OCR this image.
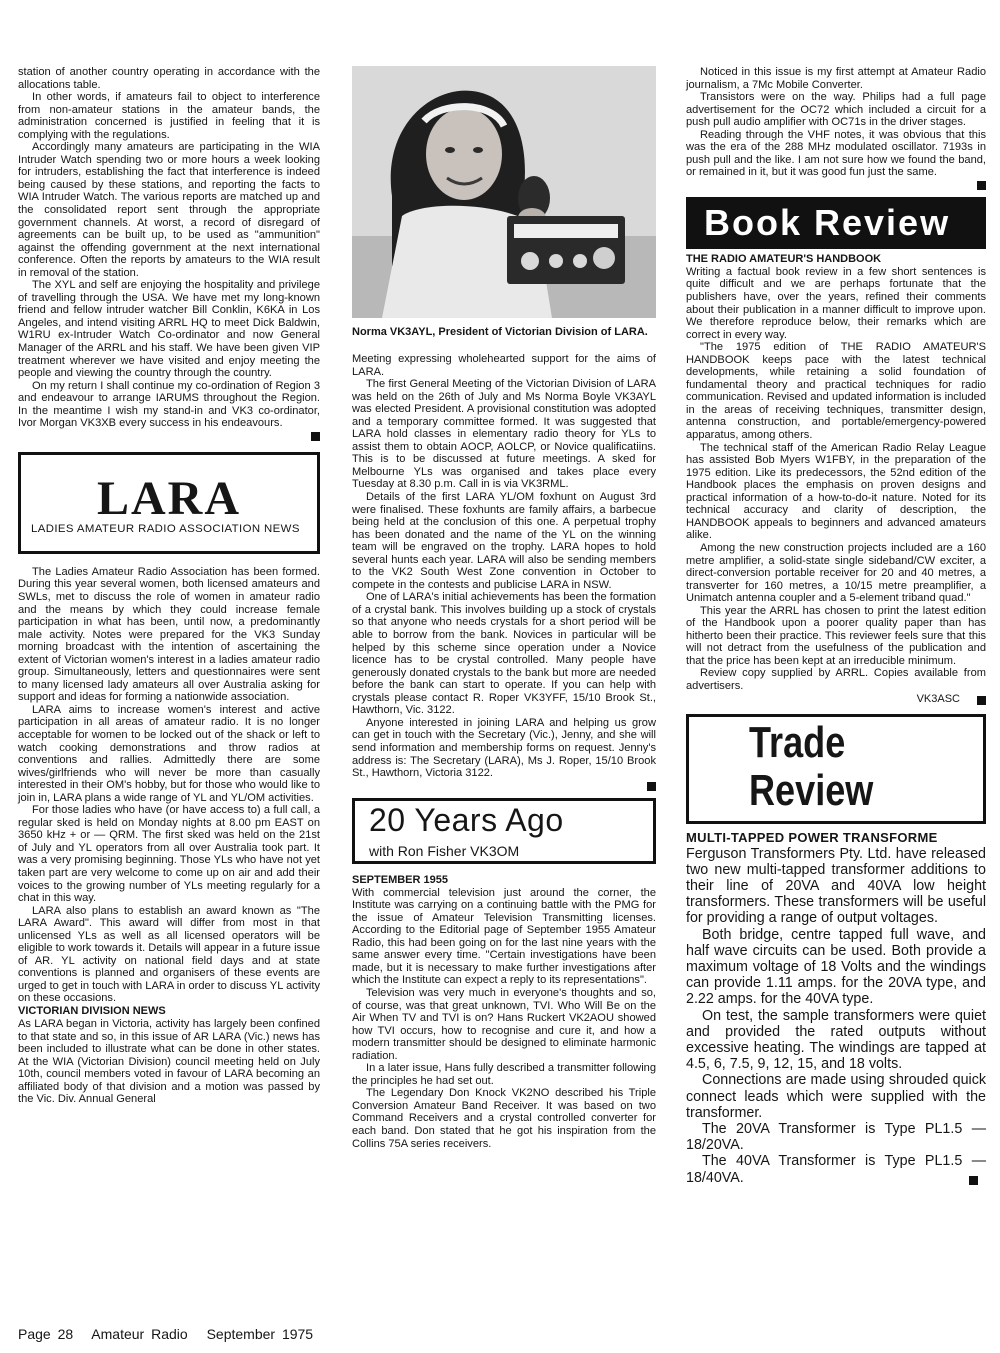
station of another country operating in accordance with the allocations table.

In other words, if amateurs fail to object to interference from non-amateur stations in the amateur bands, the administration concerned is justified in feeling that it is complying with the regulations.

Accordingly many amateurs are participating in the WIA Intruder Watch spending two or more hours a week looking for intruders, establishing the fact that interference is indeed being caused by these stations, and reporting the facts to WIA Intruder Watch. The various reports are matched up and the consolidated report sent through the appropriate government channels. At worst, a record of disregard of agreements can be built up, to be used as "ammunition" against the offending government at the next international conference. Often the reports by amateurs to the WIA result in removal of the station.

The XYL and self are enjoying the hospitality and privilege of travelling through the USA. We have met my long-known friend and fellow intruder watcher Bill Conklin, K6KA in Los Angeles, and intend visiting ARRL HQ to meet Dick Baldwin, W1RU ex-Intruder Watch Co-ordinator and now General Manager of the ARRL and his staff. We have been given VIP treatment wherever we have visited and enjoy meeting the people and viewing the country through the country.

On my return I shall continue my co-ordination of Region 3 and endeavour to arrange IARUMS throughout the Region. In the meantime I wish my stand-in and VK3 co-ordinator, Ivor Morgan VK3XB every success in his endeavours.

LARA
LADIES AMATEUR RADIO ASSOCIATION NEWS

The Ladies Amateur Radio Association has been formed. During this year several women, both licensed amateurs and SWLs, met to discuss the role of women in amateur radio and the means by which they could increase female participation in what has been, until now, a predominantly male activity. Notes were prepared for the VK3 Sunday morning broadcast with the intention of ascertaining the extent of Victorian women's interest in a ladies amateur radio group. Simultaneously, letters and questionnaires were sent to many licensed lady amateurs all over Australia asking for support and ideas for forming a nationwide association.

LARA aims to increase women's interest and active participation in all areas of amateur radio. It is no longer acceptable for women to be locked out of the shack or left to watch cooking demonstrations and throw radios at conventions and rallies. Admittedly there are some wives/girlfriends who will never be more than casually interested in their OM's hobby, but for those who would like to join in, LARA plans a wide range of YL and YL/OM activities.

For those ladies who have (or have access to) a full call, a regular sked is held on Monday nights at 8.00 pm EAST on 3650 kHz + or — QRM. The first sked was held on the 21st of July and YL operators from all over Australia took part. It was a very promising beginning. Those YLs who have not yet taken part are very welcome to come up on air and add their voices to the growing number of YLs meeting regularly for a chat in this way.

LARA also plans to establish an award known as "The LARA Award". This award will differ from most in that unlicensed YLs as well as all licensed operators will be eligible to work towards it. Details will appear in a future issue of AR. YL activity on national field days and at state conventions is planned and organisers of these events are urged to get in touch with LARA in order to discuss YL activity on these occasions.

VICTORIAN DIVISION NEWS

As LARA began in Victoria, activity has largely been confined to that state and so, in this issue of AR LARA (Vic.) news has been included to illustrate what can be done in other states. At the WIA (Victorian Division) council meeting held on July 10th, council members voted in favour of LARA becoming an affiliated body of that division and a motion was passed by the Vic. Div. Annual General

Norma VK3AYL, President of Victorian Division of LARA.

Meeting expressing wholehearted support for the aims of LARA.

The first General Meeting of the Victorian Division of LARA was held on the 26th of July and Ms Norma Boyle VK3AYL was elected President. A provisional constitution was adopted and a temporary committee formed. It was suggested that LARA hold classes in elementary radio theory for YLs to assist them to obtain AOCP, AOLCP, or Novice qualificatiins. This is to be discussed at future meetings. A sked for Melbourne YLs was organised and takes place every Tuesday at 8.30 p.m. Call in is via VK3RML.

Details of the first LARA YL/OM foxhunt on August 3rd were finalised. These foxhunts are family affairs, a barbecue being held at the conclusion of this one. A perpetual trophy has been donated and the name of the YL on the winning team will be engraved on the trophy. LARA hopes to hold several hunts each year. LARA will also be sending members to the VK2 South West Zone convention in October to compete in the contests and publicise LARA in NSW.

One of LARA's initial achievements has been the formation of a crystal bank. This involves building up a stock of crystals so that anyone who needs crystals for a short period will be able to borrow from the bank. Novices in particular will be helped by this scheme since operation under a Novice licence has to be crystal controlled. Many people have generously donated crystals to the bank but more are needed before the bank can start to operate. If you can help with crystals please contact R. Roper VK3YFF, 15/10 Brook St., Hawthorn, Vic. 3122.

Anyone interested in joining LARA and helping us grow can get in touch with the Secretary (Vic.), Jenny, and she will send information and membership forms on request. Jenny's address is: The Secretary (LARA), Ms J. Roper, 15/10 Brook St., Hawthorn, Victoria 3122.

20 Years Ago
with Ron Fisher VK3OM
SEPTEMBER 1955

With commercial television just around the corner, the Institute was carrying on a continuing battle with the PMG for the issue of Amateur Television Transmitting licenses. According to the Editorial page of September 1955 Amateur Radio, this had been going on for the last nine years with the same answer every time. "Certain investigations have been made, but it is necessary to make further investigations after which the Institute can expect a reply to its representations".

Television was very much in everyone's thoughts and so, of course, was that great unknown, TVI. Who Will Be on the Air When TV and TVI is on? Hans Ruckert VK2AOU showed how TVI occurs, how to recognise and cure it, and how a modern transmitter should be designed to eliminate harmonic radiation.

In a later issue, Hans fully described a transmitter following the principles he had set out.

The Legendary Don Knock VK2NO described his Triple Conversion Amateur Band Receiver. It was based on two Command Receivers and a crystal controlled converter for each band. Don stated that he got his inspiration from the Collins 75A series receivers.

Noticed in this issue is my first attempt at Amateur Radio journalism, a 7Mc Mobile Converter.

Transistors were on the way. Philips had a full page advertisement for the OC72 which included a circuit for a push pull audio amplifier with OC71s in the driver stages.

Reading through the VHF notes, it was obvious that this was the era of the 288 MHz modulated oscillator. 7193s in push pull and the like. I am not sure how we found the band, or remained in it, but it was good fun just the same.

Book Review
THE RADIO AMATEUR'S HANDBOOK

Writing a factual book review in a few short sentences is quite difficult and we are perhaps fortunate that the publishers have, over the years, refined their comments about their publication in a manner difficult to improve upon. We therefore reproduce below, their remarks which are correct in every way.

"The 1975 edition of THE RADIO AMATEUR'S HANDBOOK keeps pace with the latest technical developments, while retaining a solid foundation of fundamental theory and practical techniques for radio communication. Revised and updated information is included in the areas of receiving techniques, transmitter design, antenna construction, and portable/emergency-powered apparatus, among others.

The technical staff of the American Radio Relay League has assisted Bob Myers W1FBY, in the preparation of the 1975 edition. Like its predecessors, the 52nd edition of the Handbook places the emphasis on proven designs and practical information of a how-to-do-it nature. Noted for its technical accuracy and clarity of description, the HANDBOOK appeals to beginners and advanced amateurs alike.

Among the new construction projects included are a 160 metre amplifier, a solid-state single sideband/CW exciter, a direct-conversion portable receiver for 20 and 40 metres, a transverter for 160 metres, a 10/15 metre preamplifier, a Unimatch antenna coupler and a 5-element triband quad."

This year the ARRL has chosen to print the latest edition of the Handbook upon a poorer quality paper than has hitherto been their practice. This reviewer feels sure that this will not detract from the usefulness of the publication and that the price has been kept at an irreducible minimum.

Review copy supplied by ARRL. Copies available from advertisers.

VK3ASC
Trade
Review
MULTI-TAPPED POWER TRANSFORME

Ferguson Transformers Pty. Ltd. have released two new multi-tapped transformer additions to their line of 20VA and 40VA low height transformers. These transformers will be useful for providing a range of output voltages.

Both bridge, centre tapped full wave, and half wave circuits can be used. Both provide a maximum voltage of 18 Volts and the windings can provide 1.11 amps. for the 20VA type, and 2.22 amps. for the 40VA type.

On test, the sample transformers were quiet and provided the rated outputs without excessive heating. The windings are tapped at 4.5, 6, 7.5, 9, 12, 15, and 18 volts.

Connections are made using shrouded quick connect leads which were supplied with the transformer.

The 20VA Transformer is Type PL1.5 — 18/20VA.

The 40VA Transformer is Type PL1.5 — 18/40VA.

Page 28 Amateur Radio September 1975
